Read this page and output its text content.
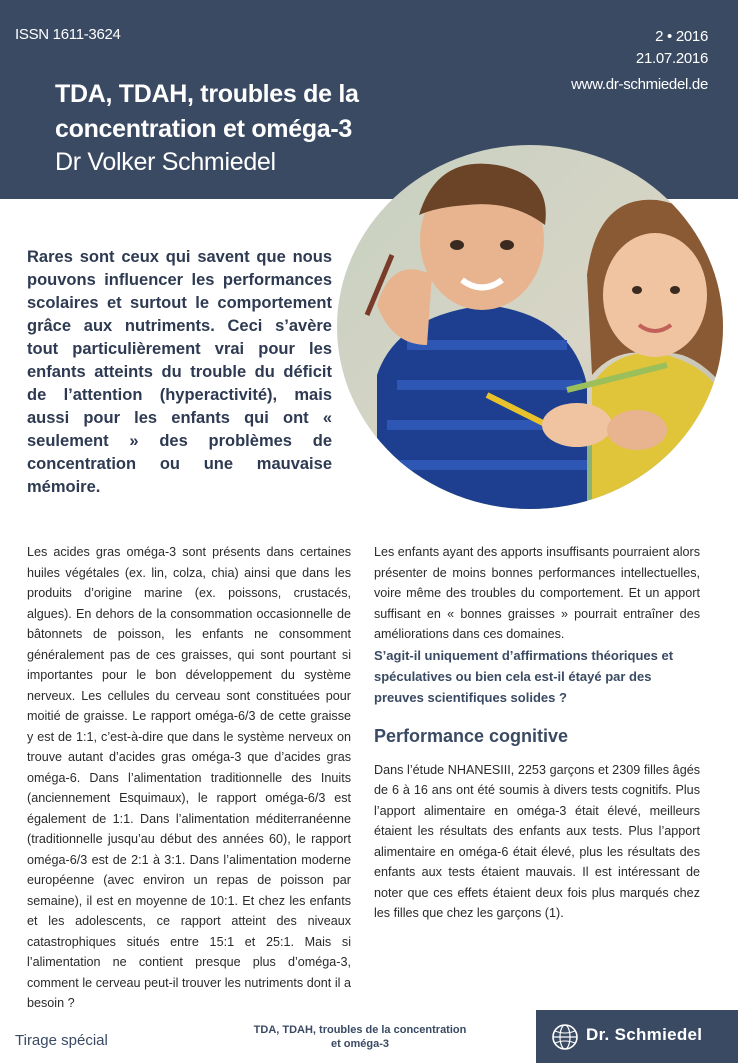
ISSN 1611-3624	2 • 2016
21.07.2016
www.dr-schmiedel.de
TDA, TDAH, troubles de la
concentration et oméga-3
Dr Volker Schmiedel
Rares sont ceux qui savent que nous pouvons influencer les performances scolaires et surtout le comportement grâce aux nutriments. Ceci s’avère tout particulièrement vrai pour les enfants atteints du trouble du déficit de l’attention (hyperactivité), mais aussi pour les enfants qui ont « seulement » des problèmes de concentration ou une mauvaise mémoire.

Les acides gras oméga-3 sont présents dans certaines huiles végétales (ex. lin, colza, chia) ainsi que dans les produits d’origine marine (ex. poissons, crustacés, algues). En dehors de la consommation occasionnelle de bâtonnets de poisson, les enfants ne consomment généralement pas de ces graisses, qui sont pourtant si importantes pour le bon développement du système nerveux. Les cellules du cerveau sont constituées pour moitié de graisse. Le rapport oméga-6/3 de cette graisse y est de 1:1, c’est-à-dire que dans le système nerveux on trouve autant d’acides gras oméga-3 que d’acides gras oméga-6. Dans l’alimentation traditionnelle des Inuits (anciennement Esquimaux), le rapport oméga-6/3 est également de 1:1. Dans l’alimentation méditerranéenne (traditionnelle jusqu’au début des années 60), le rapport oméga-6/3 est de 2:1 à 3:1. Dans l’alimentation moderne européenne (avec environ un repas de poisson par semaine), il est en moyenne de 10:1. Et chez les enfants et les adolescents, ce rapport atteint des niveaux catastrophiques situés entre 15:1 et 25:1. Mais si l’alimentation ne contient presque plus d’oméga-3, comment le cerveau peut-il trouver les nutriments dont il a besoin ?

Les enfants ayant des apports insuffisants pourraient alors présenter de moins bonnes performances intellectuelles, voire même des troubles du comportement. Et un apport suffisant en « bonnes graisses » pourrait entraîner des améliorations dans ces domaines.

S’agit-il uniquement d’affirmations théoriques et spéculatives ou bien cela est-il étayé par des preuves scientifiques solides ?

Performance cognitive

Dans l’étude NHANESIII, 2253 garçons et 2309 filles âgés de 6 à 16 ans ont été soumis à divers tests cognitifs. Plus l’apport alimentaire en oméga-3 était élevé, meilleurs étaient les résultats des enfants aux tests. Plus l’apport alimentaire en oméga-6 était élevé, plus les résultats des enfants aux tests étaient mauvais. Il est intéressant de noter que ces effets étaient deux fois plus marqués chez les filles que chez les garçons (1).

Tirage spécial
TDA, TDAH, troubles de la concentration
et oméga-3	Dr. Schmiedel
